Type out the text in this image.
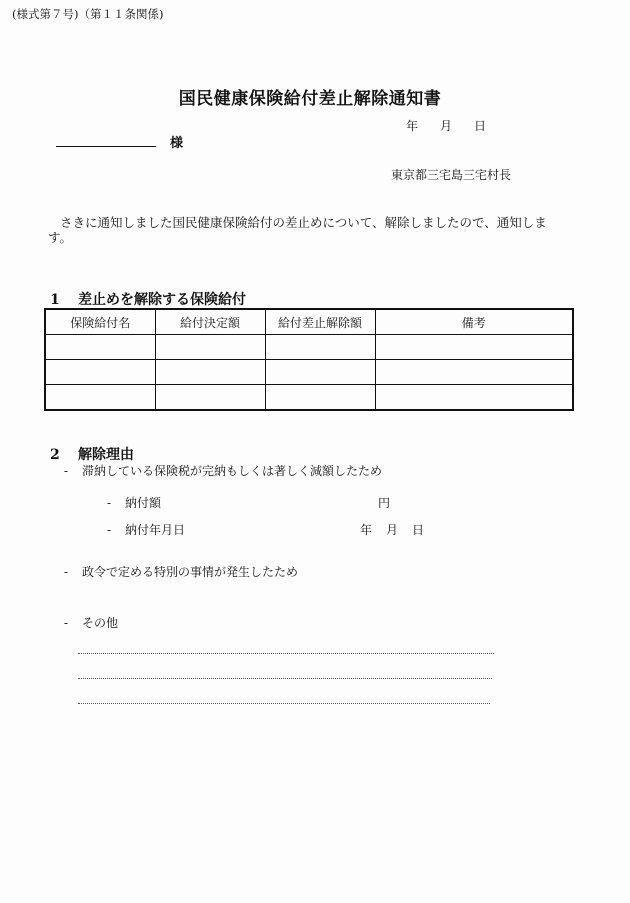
(様式第７号)（第１１条関係)
国民健康保険給付差止解除通知書
年 月 日
様
東京都三宅島三宅村長
さきに通知しました国民健康保険給付の差止めについて、解除しましたので、通知します。
1 差止めを解除する保険給付
保険給付名	給付決定額	給付差止解除額	備考

2 解除理由
- 滞納している保険税が完納もしくは著しく減額したため
- 納付額	円
- 納付年月日	年 月 日
- 政令で定める特別の事情が発生したため
- その他
